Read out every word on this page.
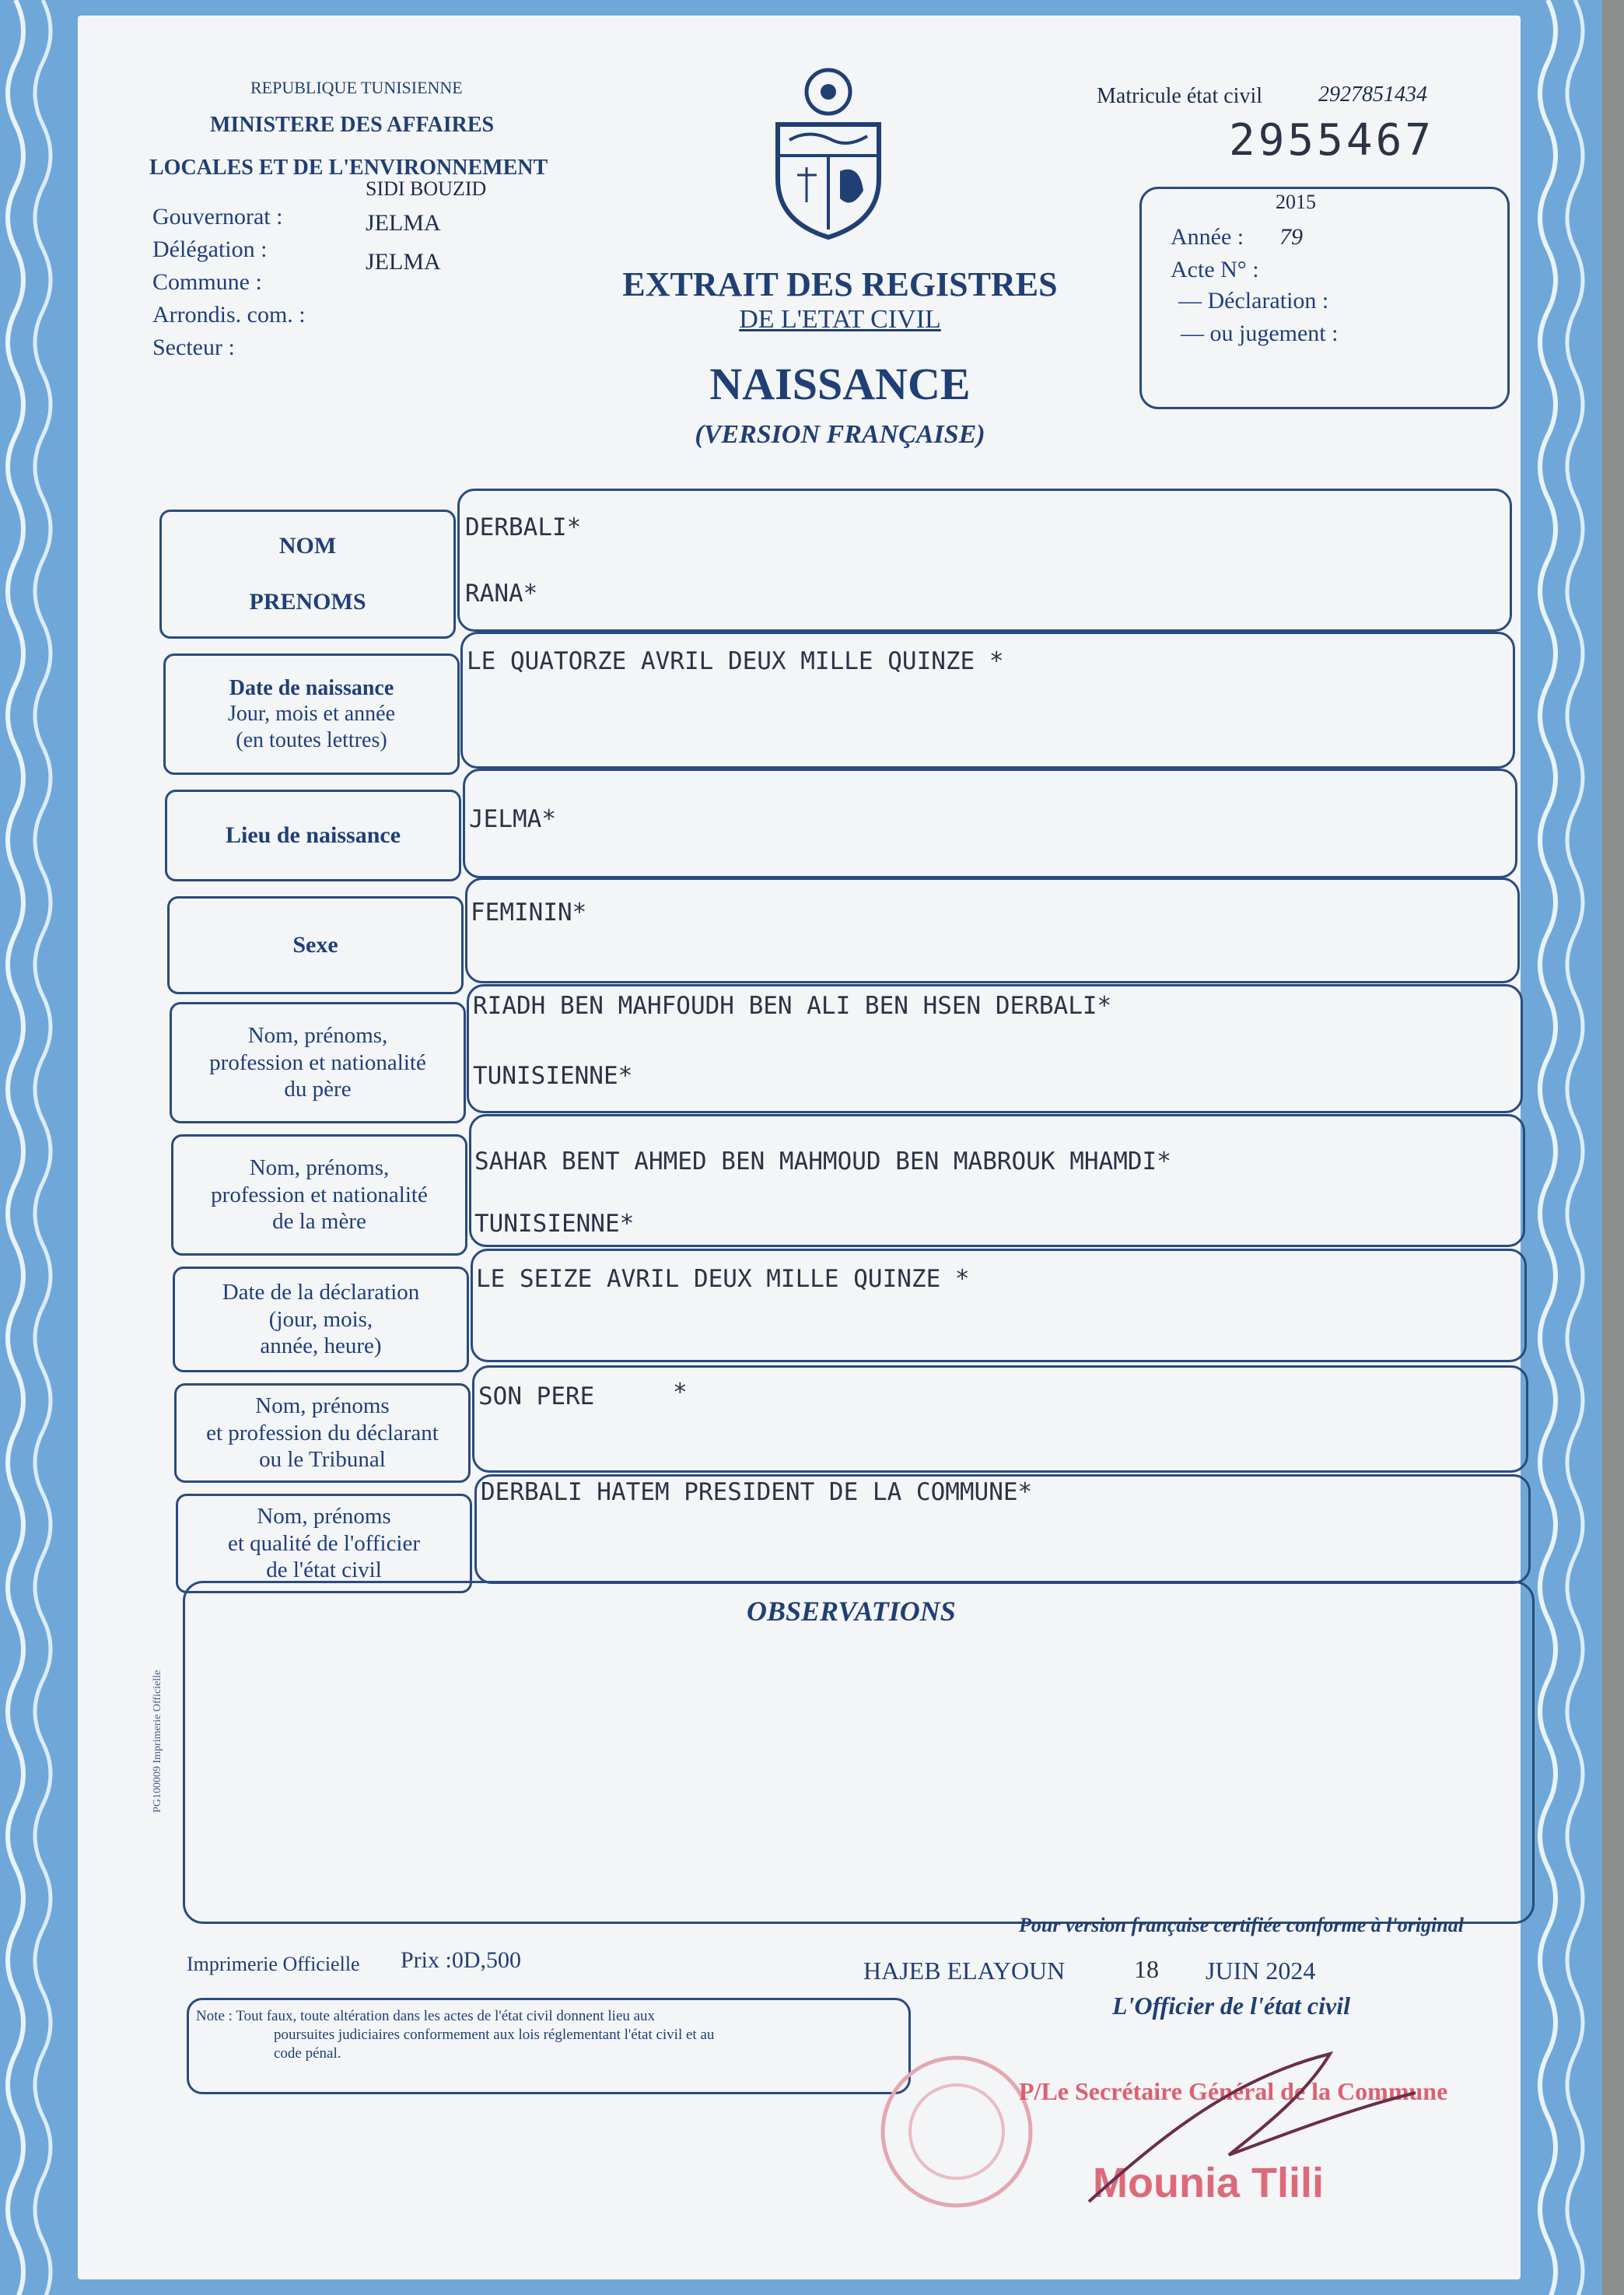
REPUBLIQUE TUNISIENNE
MINISTERE DES AFFAIRES
LOCALES ET DE L'ENVIRONNEMENT
Gouvernorat :
SIDI BOUZID
Délégation :
JELMA
Commune :
JELMA
Arrondis. com. :
Secteur :
EXTRAIT DES REGISTRES
DE L'ETAT CIVIL
NAISSANCE
(VERSION FRANÇAISE)
Matricule état civil	2927851434
2955467
2015
Année : 79
Acte N° :
— Déclaration :
— ou jugement :
NOM

PRENOMS
DERBALI*
RANA*
Date de naissance
Jour, mois et année
(en toutes lettres)
LE QUATORZE AVRIL DEUX MILLE QUINZE *
Lieu de naissance
JELMA*
Sexe
FEMININ*
Nom, prénoms,
profession et nationalité
du père
RIADH BEN MAHFOUDH BEN ALI BEN HSEN DERBALI*
TUNISIENNE*
Nom, prénoms,
profession et nationalité
de la mère
SAHAR BENT AHMED BEN MAHMOUD BEN MABROUK MHAMDI*
TUNISIENNE*
Date de la déclaration
(jour, mois,
année, heure)
LE SEIZE AVRIL DEUX MILLE QUINZE *
Nom, prénoms
et profession du déclarant
ou le Tribunal
SON PERE	*
Nom, prénoms
et qualité de l'officier
de l'état civil
DERBALI HATEM PRESIDENT DE LA COMMUNE*
OBSERVATIONS
PG100009 Imprimerie Officielle
Pour version française certifiée conforme à l'original
Imprimerie Officielle Prix :0D,500	HAJEB ELAYOUN	18 JUIN 2024
L'Officier de l'état civil
Note : Tout faux, toute altération dans les actes de l'état civil donnent lieu aux
poursuites judiciaires conformement aux lois réglementant l'état civil et au
code pénal.
P/Le Secrétaire Général de la Commune
Mounia Tlili
